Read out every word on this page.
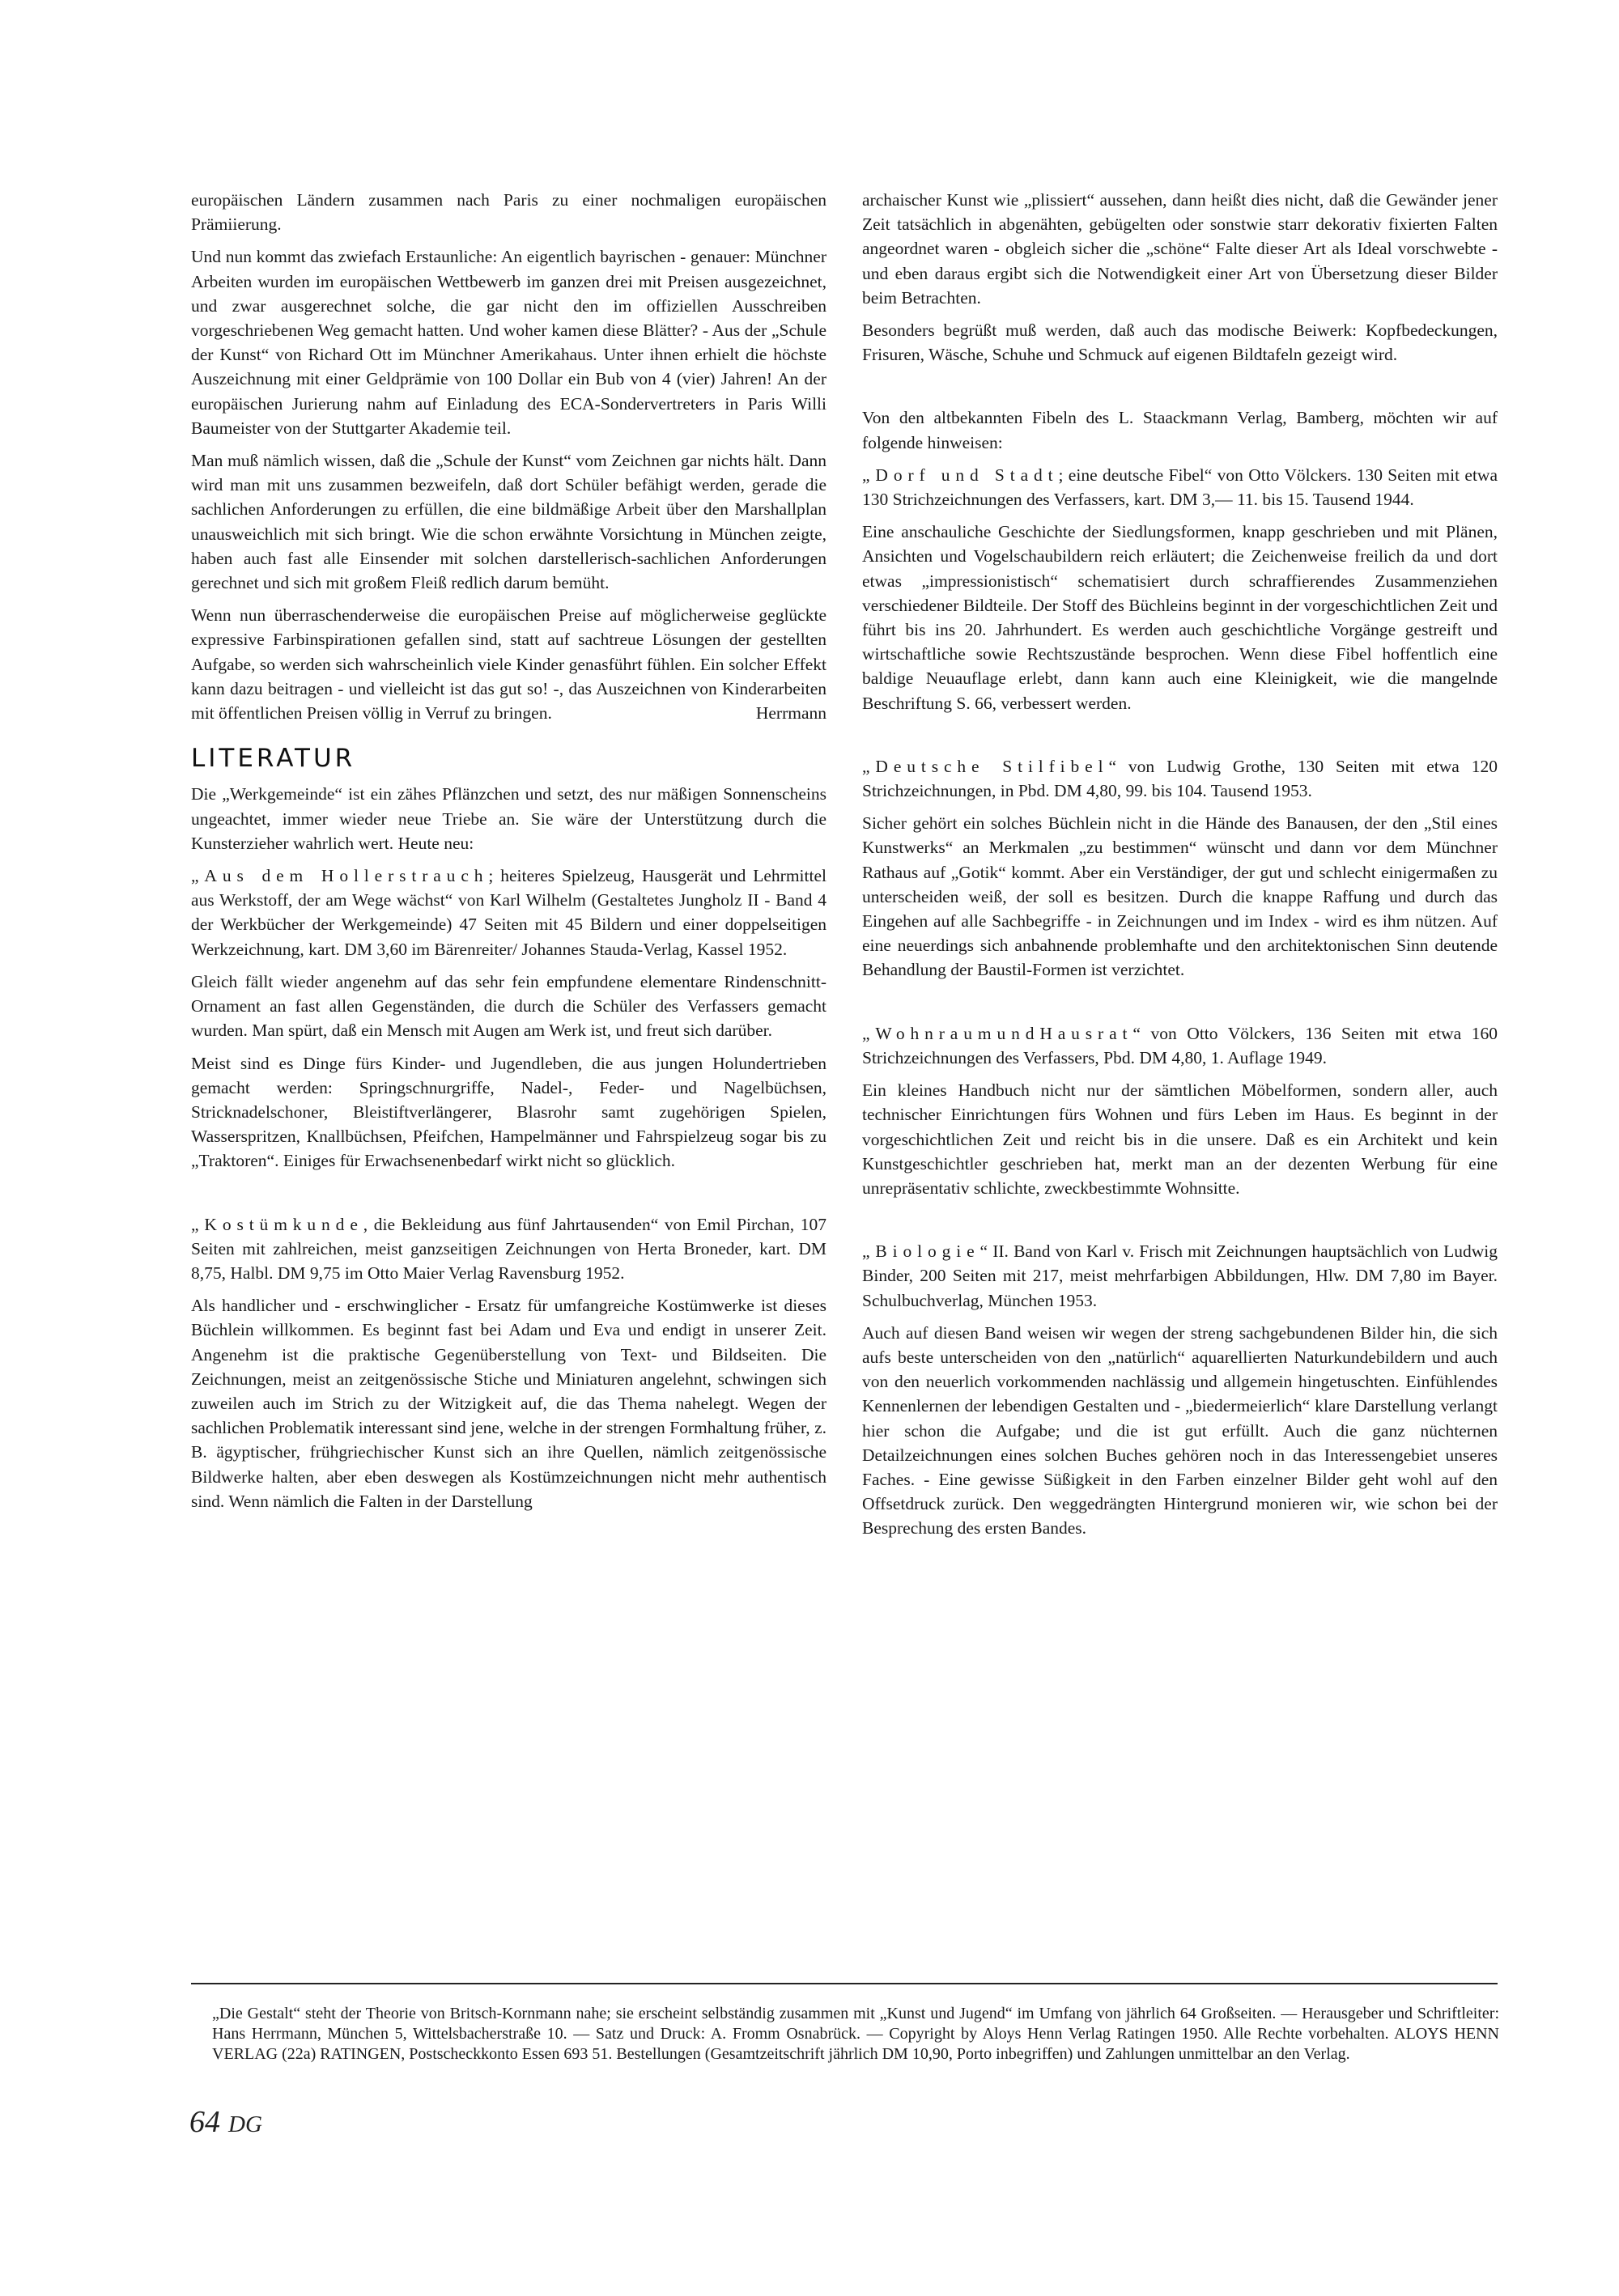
europäischen Ländern zusammen nach Paris zu einer nochmaligen europäischen Prämiierung.

Und nun kommt das zwiefach Erstaunliche: An eigentlich bayrischen - genauer: Münchner Arbeiten wurden im europäischen Wettbewerb im ganzen drei mit Preisen ausgezeichnet, und zwar ausgerechnet solche, die gar nicht den im offiziellen Ausschreiben vorgeschriebenen Weg gemacht hatten. Und woher kamen diese Blätter? - Aus der „Schule der Kunst“ von Richard Ott im Münchner Amerikahaus. Unter ihnen erhielt die höchste Auszeichnung mit einer Geldprämie von 100 Dollar ein Bub von 4 (vier) Jahren! An der europäischen Jurierung nahm auf Einladung des ECA-Sondervertreters in Paris Willi Baumeister von der Stuttgarter Akademie teil.

Man muß nämlich wissen, daß die „Schule der Kunst“ vom Zeichnen gar nichts hält. Dann wird man mit uns zusammen bezweifeln, daß dort Schüler befähigt werden, gerade die sachlichen Anforderungen zu erfüllen, die eine bildmäßige Arbeit über den Marshallplan unausweichlich mit sich bringt. Wie die schon erwähnte Vorsichtung in München zeigte, haben auch fast alle Einsender mit solchen darstellerisch-sachlichen Anforderungen gerechnet und sich mit großem Fleiß redlich darum bemüht.

Wenn nun überraschenderweise die europäischen Preise auf möglicherweise geglückte expressive Farbinspirationen gefallen sind, statt auf sachtreue Lösungen der gestellten Aufgabe, so werden sich wahrscheinlich viele Kinder genasführt fühlen. Ein solcher Effekt kann dazu beitragen - und vielleicht ist das gut so! -, das Auszeichnen von Kinderarbeiten mit öffentlichen Preisen völlig in Verruf zu bringen.	Herrmann

LITERATUR

Die „Werkgemeinde“ ist ein zähes Pflänzchen und setzt, des nur mäßigen Sonnenscheins ungeachtet, immer wieder neue Triebe an. Sie wäre der Unterstützung durch die Kunsterzieher wahrlich wert. Heute neu:

„Aus dem Hollerstrauch; heiteres Spielzeug, Hausgerät und Lehrmittel aus Werkstoff, der am Wege wächst“ von Karl Wilhelm (Gestaltetes Jungholz II - Band 4 der Werkbücher der Werkgemeinde) 47 Seiten mit 45 Bildern und einer doppelseitigen Werkzeichnung, kart. DM 3,60 im Bärenreiter/ Johannes Stauda-Verlag, Kassel 1952.

Gleich fällt wieder angenehm auf das sehr fein empfundene elementare Rindenschnitt-Ornament an fast allen Gegenständen, die durch die Schüler des Verfassers gemacht wurden. Man spürt, daß ein Mensch mit Augen am Werk ist, und freut sich darüber.

Meist sind es Dinge fürs Kinder- und Jugendleben, die aus jungen Holundertrieben gemacht werden: Springschnurgriffe, Nadel-, Feder- und Nagelbüchsen, Stricknadelschoner, Bleistiftverlängerer, Blasrohr samt zugehörigen Spielen, Wasserspritzen, Knallbüchsen, Pfeifchen, Hampelmänner und Fahrspielzeug sogar bis zu „Traktoren“. Einiges für Erwachsenenbedarf wirkt nicht so glücklich.

„Kostümkunde, die Bekleidung aus fünf Jahrtausenden“ von Emil Pirchan, 107 Seiten mit zahlreichen, meist ganzseitigen Zeichnungen von Herta Broneder, kart. DM 8,75, Halbl. DM 9,75 im Otto Maier Verlag Ravensburg 1952.

Als handlicher und - erschwinglicher - Ersatz für umfangreiche Kostümwerke ist dieses Büchlein willkommen. Es beginnt fast bei Adam und Eva und endigt in unserer Zeit. Angenehm ist die praktische Gegenüberstellung von Text- und Bildseiten. Die Zeichnungen, meist an zeitgenössische Stiche und Miniaturen angelehnt, schwingen sich zuweilen auch im Strich zu der Witzigkeit auf, die das Thema nahelegt. Wegen der sachlichen Problematik interessant sind jene, welche in der strengen Formhaltung früher, z. B. ägyptischer, frühgriechischer Kunst sich an ihre Quellen, nämlich zeitgenössische Bildwerke halten, aber eben deswegen als Kostümzeichnungen nicht mehr authentisch sind. Wenn nämlich die Falten in der Darstellung

archaischer Kunst wie „plissiert“ aussehen, dann heißt dies nicht, daß die Gewänder jener Zeit tatsächlich in abgenähten, gebügelten oder sonstwie starr dekorativ fixierten Falten angeordnet waren - obgleich sicher die „schöne“ Falte dieser Art als Ideal vorschwebte - und eben daraus ergibt sich die Notwendigkeit einer Art von Übersetzung dieser Bilder beim Betrachten.

Besonders begrüßt muß werden, daß auch das modische Beiwerk: Kopfbedeckungen, Frisuren, Wäsche, Schuhe und Schmuck auf eigenen Bildtafeln gezeigt wird.

Von den altbekannten Fibeln des L. Staackmann Verlag, Bamberg, möchten wir auf folgende hinweisen:

„Dorf und Stadt; eine deutsche Fibel“ von Otto Völckers. 130 Seiten mit etwa 130 Strichzeichnungen des Verfassers, kart. DM 3,— 11. bis 15. Tausend 1944.

Eine anschauliche Geschichte der Siedlungsformen, knapp geschrieben und mit Plänen, Ansichten und Vogelschaubildern reich erläutert; die Zeichenweise freilich da und dort etwas „impressionistisch“ schematisiert durch schraffierendes Zusammenziehen verschiedener Bildteile. Der Stoff des Büchleins beginnt in der vorgeschichtlichen Zeit und führt bis ins 20. Jahrhundert. Es werden auch geschichtliche Vorgänge gestreift und wirtschaftliche sowie Rechtszustände besprochen. Wenn diese Fibel hoffentlich eine baldige Neuauflage erlebt, dann kann auch eine Kleinigkeit, wie die mangelnde Beschriftung S. 66, verbessert werden.

„Deutsche Stilfibel“ von Ludwig Grothe, 130 Seiten mit etwa 120 Strichzeichnungen, in Pbd. DM 4,80, 99. bis 104. Tausend 1953.

Sicher gehört ein solches Büchlein nicht in die Hände des Banausen, der den „Stil eines Kunstwerks“ an Merkmalen „zu bestimmen“ wünscht und dann vor dem Münchner Rathaus auf „Gotik“ kommt. Aber ein Verständiger, der gut und schlecht einigermaßen zu unterscheiden weiß, der soll es besitzen. Durch die knappe Raffung und durch das Eingehen auf alle Sachbegriffe - in Zeichnungen und im Index - wird es ihm nützen. Auf eine neuerdings sich anbahnende problemhafte und den architektonischen Sinn deutende Behandlung der Baustil-Formen ist verzichtet.

„WohnraumundHausrat“ von Otto Völckers, 136 Seiten mit etwa 160 Strichzeichnungen des Verfassers, Pbd. DM 4,80, 1. Auflage 1949.

Ein kleines Handbuch nicht nur der sämtlichen Möbelformen, sondern aller, auch technischer Einrichtungen fürs Wohnen und fürs Leben im Haus. Es beginnt in der vorgeschichtlichen Zeit und reicht bis in die unsere. Daß es ein Architekt und kein Kunstgeschichtler geschrieben hat, merkt man an der dezenten Werbung für eine unrepräsentativ schlichte, zweckbestimmte Wohnsitte.

„Biologie“ II. Band von Karl v. Frisch mit Zeichnungen hauptsächlich von Ludwig Binder, 200 Seiten mit 217, meist mehrfarbigen Abbildungen, Hlw. DM 7,80 im Bayer. Schulbuchverlag, München 1953.

Auch auf diesen Band weisen wir wegen der streng sachgebundenen Bilder hin, die sich aufs beste unterscheiden von den „natürlich“ aquarellierten Naturkundebildern und auch von den neuerlich vorkommenden nachlässig und allgemein hingetuschten. Einfühlendes Kennenlernen der lebendigen Gestalten und - „biedermeierlich“ klare Darstellung verlangt hier schon die Aufgabe; und die ist gut erfüllt. Auch die ganz nüchternen Detailzeichnungen eines solchen Buches gehören noch in das Interessengebiet unseres Faches. - Eine gewisse Süßigkeit in den Farben einzelner Bilder geht wohl auf den Offsetdruck zurück. Den weggedrängten Hintergrund monieren wir, wie schon bei der Besprechung des ersten Bandes.

„Die Gestalt“ steht der Theorie von Britsch-Kornmann nahe; sie erscheint selbständig zusammen mit „Kunst und Jugend“ im Umfang von jährlich 64 Großseiten. — Herausgeber und Schriftleiter: Hans Herrmann, München 5, Wittelsbacherstraße 10. — Satz und Druck: A. Fromm Osnabrück. — Copyright by Aloys Henn Verlag Ratingen 1950. Alle Rechte vorbehalten. ALOYS HENN VERLAG (22a) RATINGEN, Postscheckkonto Essen 693 51. Bestellungen (Gesamtzeitschrift jährlich DM 10,90, Porto inbegriffen) und Zahlungen unmittelbar an den Verlag.
64 DG
